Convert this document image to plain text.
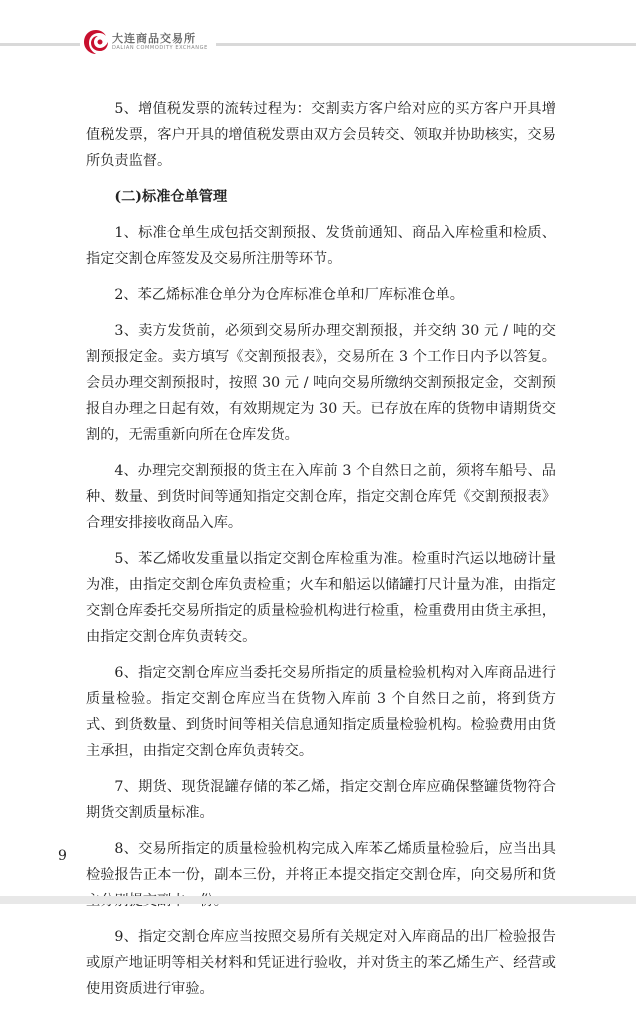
大连商品交易所
DALIAN COMMODITY EXCHANGE

5、增值税发票的流转过程为：交割卖方客户给对应的买方客户开具增值税发票，客户开具的增值税发票由双方会员转交、领取并协助核实，交易所负责监督。

(二)标准仓单管理

1、标准仓单生成包括交割预报、发货前通知、商品入库检重和检质、指定交割仓库签发及交易所注册等环节。

2、苯乙烯标准仓单分为仓库标准仓单和厂库标准仓单。

3、卖方发货前，必须到交易所办理交割预报，并交纳 30 元 / 吨的交割预报定金。卖方填写《交割预报表》，交易所在 3 个工作日内予以答复。会员办理交割预报时，按照 30 元 / 吨向交易所缴纳交割预报定金，交割预报自办理之日起有效，有效期规定为 30 天。已存放在库的货物申请期货交割的，无需重新向所在仓库发货。

4、办理完交割预报的货主在入库前 3 个自然日之前，须将车船号、品种、数量、到货时间等通知指定交割仓库，指定交割仓库凭《交割预报表》合理安排接收商品入库。

5、苯乙烯收发重量以指定交割仓库检重为准。检重时汽运以地磅计量为准，由指定交割仓库负责检重；火车和船运以储罐打尺计量为准，由指定交割仓库委托交易所指定的质量检验机构进行检重，检重费用由货主承担，由指定交割仓库负责转交。

6、指定交割仓库应当委托交易所指定的质量检验机构对入库商品进行质量检验。指定交割仓库应当在货物入库前 3 个自然日之前，将到货方式、到货数量、到货时间等相关信息通知指定质量检验机构。检验费用由货主承担，由指定交割仓库负责转交。

7、期货、现货混罐存储的苯乙烯，指定交割仓库应确保整罐货物符合期货交割质量标准。

8、交易所指定的质量检验机构完成入库苯乙烯质量检验后，应当出具检验报告正本一份，副本三份，并将正本提交指定交割仓库，向交易所和货

9、指定交割仓库应当按照交易所有关规定对入库商品的出厂检验报告或原产地证明等相关材料和凭证进行验收，并对货主的苯乙烯生产、经营或使用资质进行审验。

9
